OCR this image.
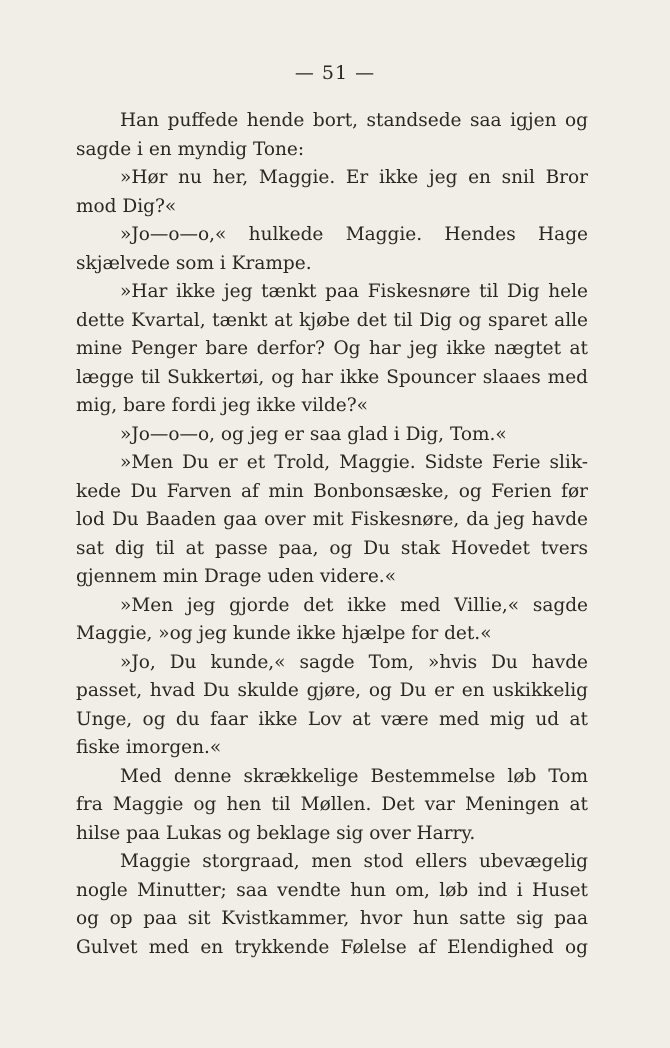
— 51 —

Han puffede hende bort, standsede saa igjen og

sagde i en myndig Tone:

»Hør nu her, Maggie. Er ikke jeg en snil Bror

mod Dig?«

»Jo—o—o,« hulkede Maggie. Hendes Hage

skjælvede som i Krampe.

»Har ikke jeg tænkt paa Fiskesnøre til Dig hele

dette Kvartal, tænkt at kjøbe det til Dig og sparet alle

mine Penger bare derfor? Og har jeg ikke nægtet at

lægge til Sukkertøi, og har ikke Spouncer slaaes med

mig, bare fordi jeg ikke vilde?«

»Jo—o—o, og jeg er saa glad i Dig, Tom.«

»Men Du er et Trold, Maggie. Sidste Ferie slik-

kede Du Farven af min Bonbonsæske, og Ferien før

lod Du Baaden gaa over mit Fiskesnøre, da jeg havde

sat dig til at passe paa, og Du stak Hovedet tvers

gjennem min Drage uden videre.«

»Men jeg gjorde det ikke med Villie,« sagde

Maggie, »og jeg kunde ikke hjælpe for det.«

»Jo, Du kunde,« sagde Tom, »hvis Du havde

passet, hvad Du skulde gjøre, og Du er en uskikkelig

Unge, og du faar ikke Lov at være med mig ud at

fiske imorgen.«

Med denne skrækkelige Bestemmelse løb Tom

fra Maggie og hen til Møllen. Det var Meningen at

hilse paa Lukas og beklage sig over Harry.

Maggie storgraad, men stod ellers ubevægelig

nogle Minutter; saa vendte hun om, løb ind i Huset

og op paa sit Kvistkammer, hvor hun satte sig paa

Gulvet med en trykkende Følelse af Elendighed og
